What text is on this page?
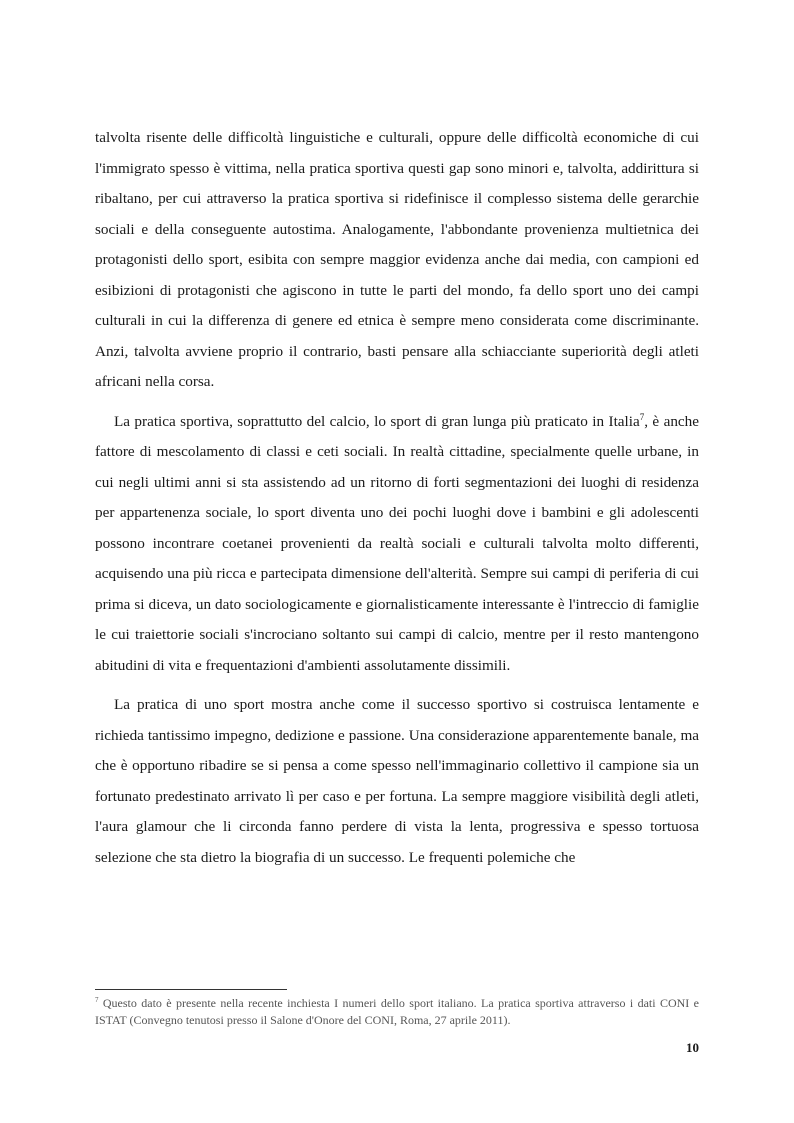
talvolta risente delle difficoltà linguistiche e culturali, oppure delle difficoltà economiche di cui l'immigrato spesso è vittima, nella pratica sportiva questi gap sono minori e, talvolta, addirittura si ribaltano, per cui attraverso la pratica sportiva si ridefinisce il complesso sistema delle gerarchie sociali e della conseguente autostima. Analogamente, l'abbondante provenienza multietnica dei protagonisti dello sport, esibita con sempre maggior evidenza anche dai media, con campioni ed esibizioni di protagonisti che agiscono in tutte le parti del mondo, fa dello sport uno dei campi culturali in cui la differenza di genere ed etnica è sempre meno considerata come discriminante. Anzi, talvolta avviene proprio il contrario, basti pensare alla schiacciante superiorità degli atleti africani nella corsa.

La pratica sportiva, soprattutto del calcio, lo sport di gran lunga più praticato in Italia$^7$, è anche fattore di mescolamento di classi e ceti sociali. In realtà cittadine, specialmente quelle urbane, in cui negli ultimi anni si sta assistendo ad un ritorno di forti segmentazioni dei luoghi di residenza per appartenenza sociale, lo sport diventa uno dei pochi luoghi dove i bambini e gli adolescenti possono incontrare coetanei provenienti da realtà sociali e culturali talvolta molto differenti, acquisendo una più ricca e partecipata dimensione dell'alterità. Sempre sui campi di periferia di cui prima si diceva, un dato sociologicamente e giornalisticamente interessante è l'intreccio di famiglie le cui traiettorie sociali s'incrociano soltanto sui campi di calcio, mentre per il resto mantengono abitudini di vita e frequentazioni d'ambienti assolutamente dissimili.

La pratica di uno sport mostra anche come il successo sportivo si costruisca lentamente e richieda tantissimo impegno, dedizione e passione. Una considerazione apparentemente banale, ma che è opportuno ribadire se si pensa a come spesso nell'immaginario collettivo il campione sia un fortunato predestinato arrivato lì per caso e per fortuna. La sempre maggiore visibilità degli atleti, l'aura glamour che li circonda fanno perdere di vista la lenta, progressiva e spesso tortuosa selezione che sta dietro la biografia di un successo. Le frequenti polemiche che

$^7$ Questo dato è presente nella recente inchiesta I numeri dello sport italiano. La pratica sportiva attraverso i dati CONI e ISTAT (Convegno tenutosi presso il Salone d'Onore del CONI, Roma, 27 aprile 2011).
10
